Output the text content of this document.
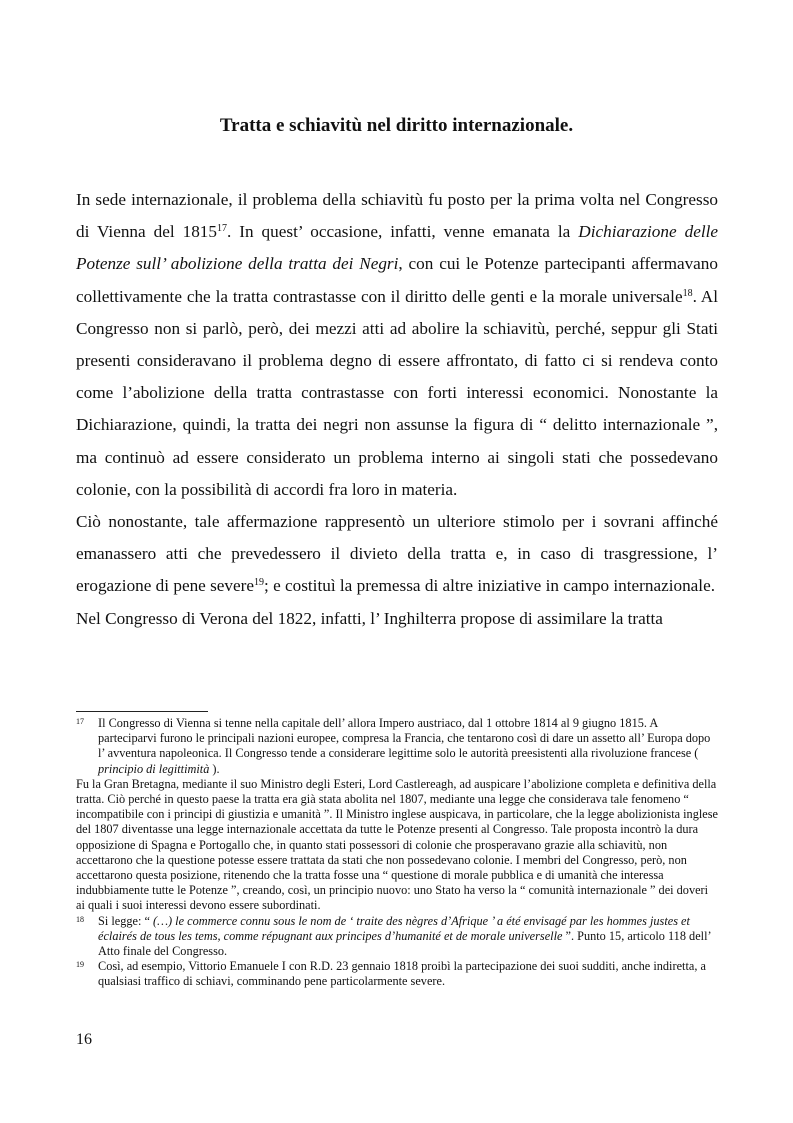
Tratta e schiavitù nel diritto internazionale.

In sede internazionale, il problema della schiavitù fu posto per la prima volta nel Congresso di Vienna del 1815$^{17}$. In quest’ occasione, infatti, venne emanata la Dichiarazione delle Potenze sull’ abolizione della tratta dei Negri, con cui le Potenze partecipanti affermavano collettivamente che la tratta contrastasse con il diritto delle genti e la morale universale$^{18}$. Al Congresso non si parlò, però, dei mezzi atti ad abolire la schiavitù, perché, seppur gli Stati presenti consideravano il problema degno di essere affrontato, di fatto ci si rendeva conto come l’abolizione della tratta contrastasse con forti interessi economici. Nonostante la Dichiarazione, quindi, la tratta dei negri non assunse la figura di “ delitto internazionale ”, ma continuò ad essere considerato un problema interno ai singoli stati che possedevano colonie, con la possibilità di accordi fra loro in materia.

Ciò nonostante, tale affermazione rappresentò un ulteriore stimolo per i sovrani affinché emanassero atti che prevedessero il divieto della tratta e, in caso di trasgressione, l’ erogazione di pene severe$^{19}$; e costituì la premessa di altre iniziative in campo internazionale.

Nel Congresso di Verona del 1822, infatti, l’ Inghilterra propose di assimilare la tratta

17 Il Congresso di Vienna si tenne nella capitale dell’ allora Impero austriaco, dal 1 ottobre 1814 al 9 giugno 1815. A parteciparvi furono le principali nazioni europee, compresa la Francia, che tentarono così di dare un assetto all’ Europa dopo l’ avventura napoleonica. Il Congresso tende a considerare legittime solo le autorità preesistenti alla rivoluzione francese ( principio di legittimità ).
Fu la Gran Bretagna, mediante il suo Ministro degli Esteri, Lord Castlereagh, ad auspicare l’abolizione completa e definitiva della tratta. Ciò perché in questo paese la tratta era già stata abolita nel 1807, mediante una legge che considerava tale fenomeno “ incompatibile con i principi di giustizia e umanità ”. Il Ministro inglese auspicava, in particolare, che la legge abolizionista inglese del 1807 diventasse una legge internazionale accettata da tutte le Potenze presenti al Congresso. Tale proposta incontrò la dura opposizione di Spagna e Portogallo che, in quanto stati possessori di colonie che prosperavano grazie alla schiavitù, non accettarono che la questione potesse essere trattata da stati che non possedevano colonie. I membri del Congresso, però, non accettarono questa posizione, ritenendo che la tratta fosse una “ questione di morale pubblica e di umanità che interessa indubbiamente tutte le Potenze ”, creando, così, un principio nuovo: uno Stato ha verso la “ comunità internazionale ” dei doveri ai quali i suoi interessi devono essere subordinati.
18 Si legge: “ (…) le commerce connu sous le nom de ‘ traite des nègres d’Afrique ’ a été envisagé par les hommes justes et éclairés de tous les tems, comme répugnant aux principes d’humanité et de morale universelle ”. Punto 15, articolo 118 dell’ Atto finale del Congresso.
19 Così, ad esempio, Vittorio Emanuele I con R.D. 23 gennaio 1818 proibì la partecipazione dei suoi sudditi, anche indiretta, a qualsiasi traffico di schiavi, comminando pene particolarmente severe.
16
